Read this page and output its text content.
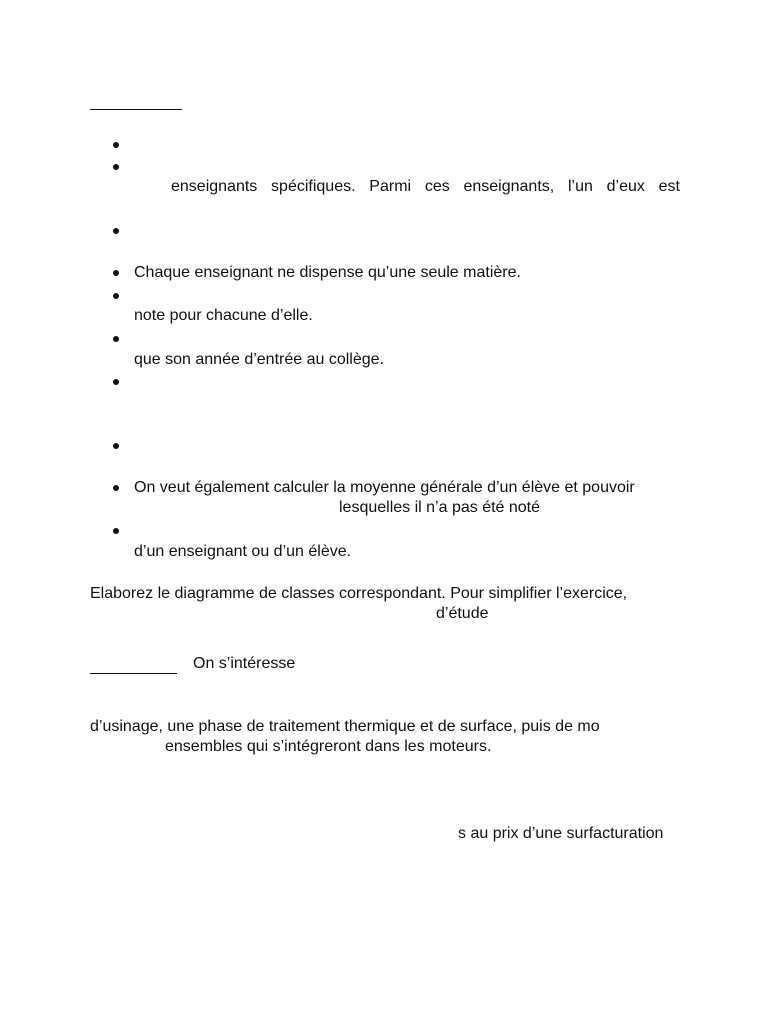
enseignants spécifiques. Parmi ces enseignants, l’un d’eux est
Chaque enseignant ne dispense qu’une seule matière.
note pour chacune d’elle.
que son année d’entrée au collège.
On veut également calculer la moyenne générale d’un élève et pouvoir
lesquelles il n’a pas été noté
d’un enseignant ou d’un élève.
Elaborez le diagramme de classes correspondant. Pour simplifier l’exercice,
d’étude
On s’intéresse
d’usinage, une phase de traitement thermique et de surface, puis de mo
ensembles qui s’intégreront dans les moteurs.
s au prix d’une surfacturation
